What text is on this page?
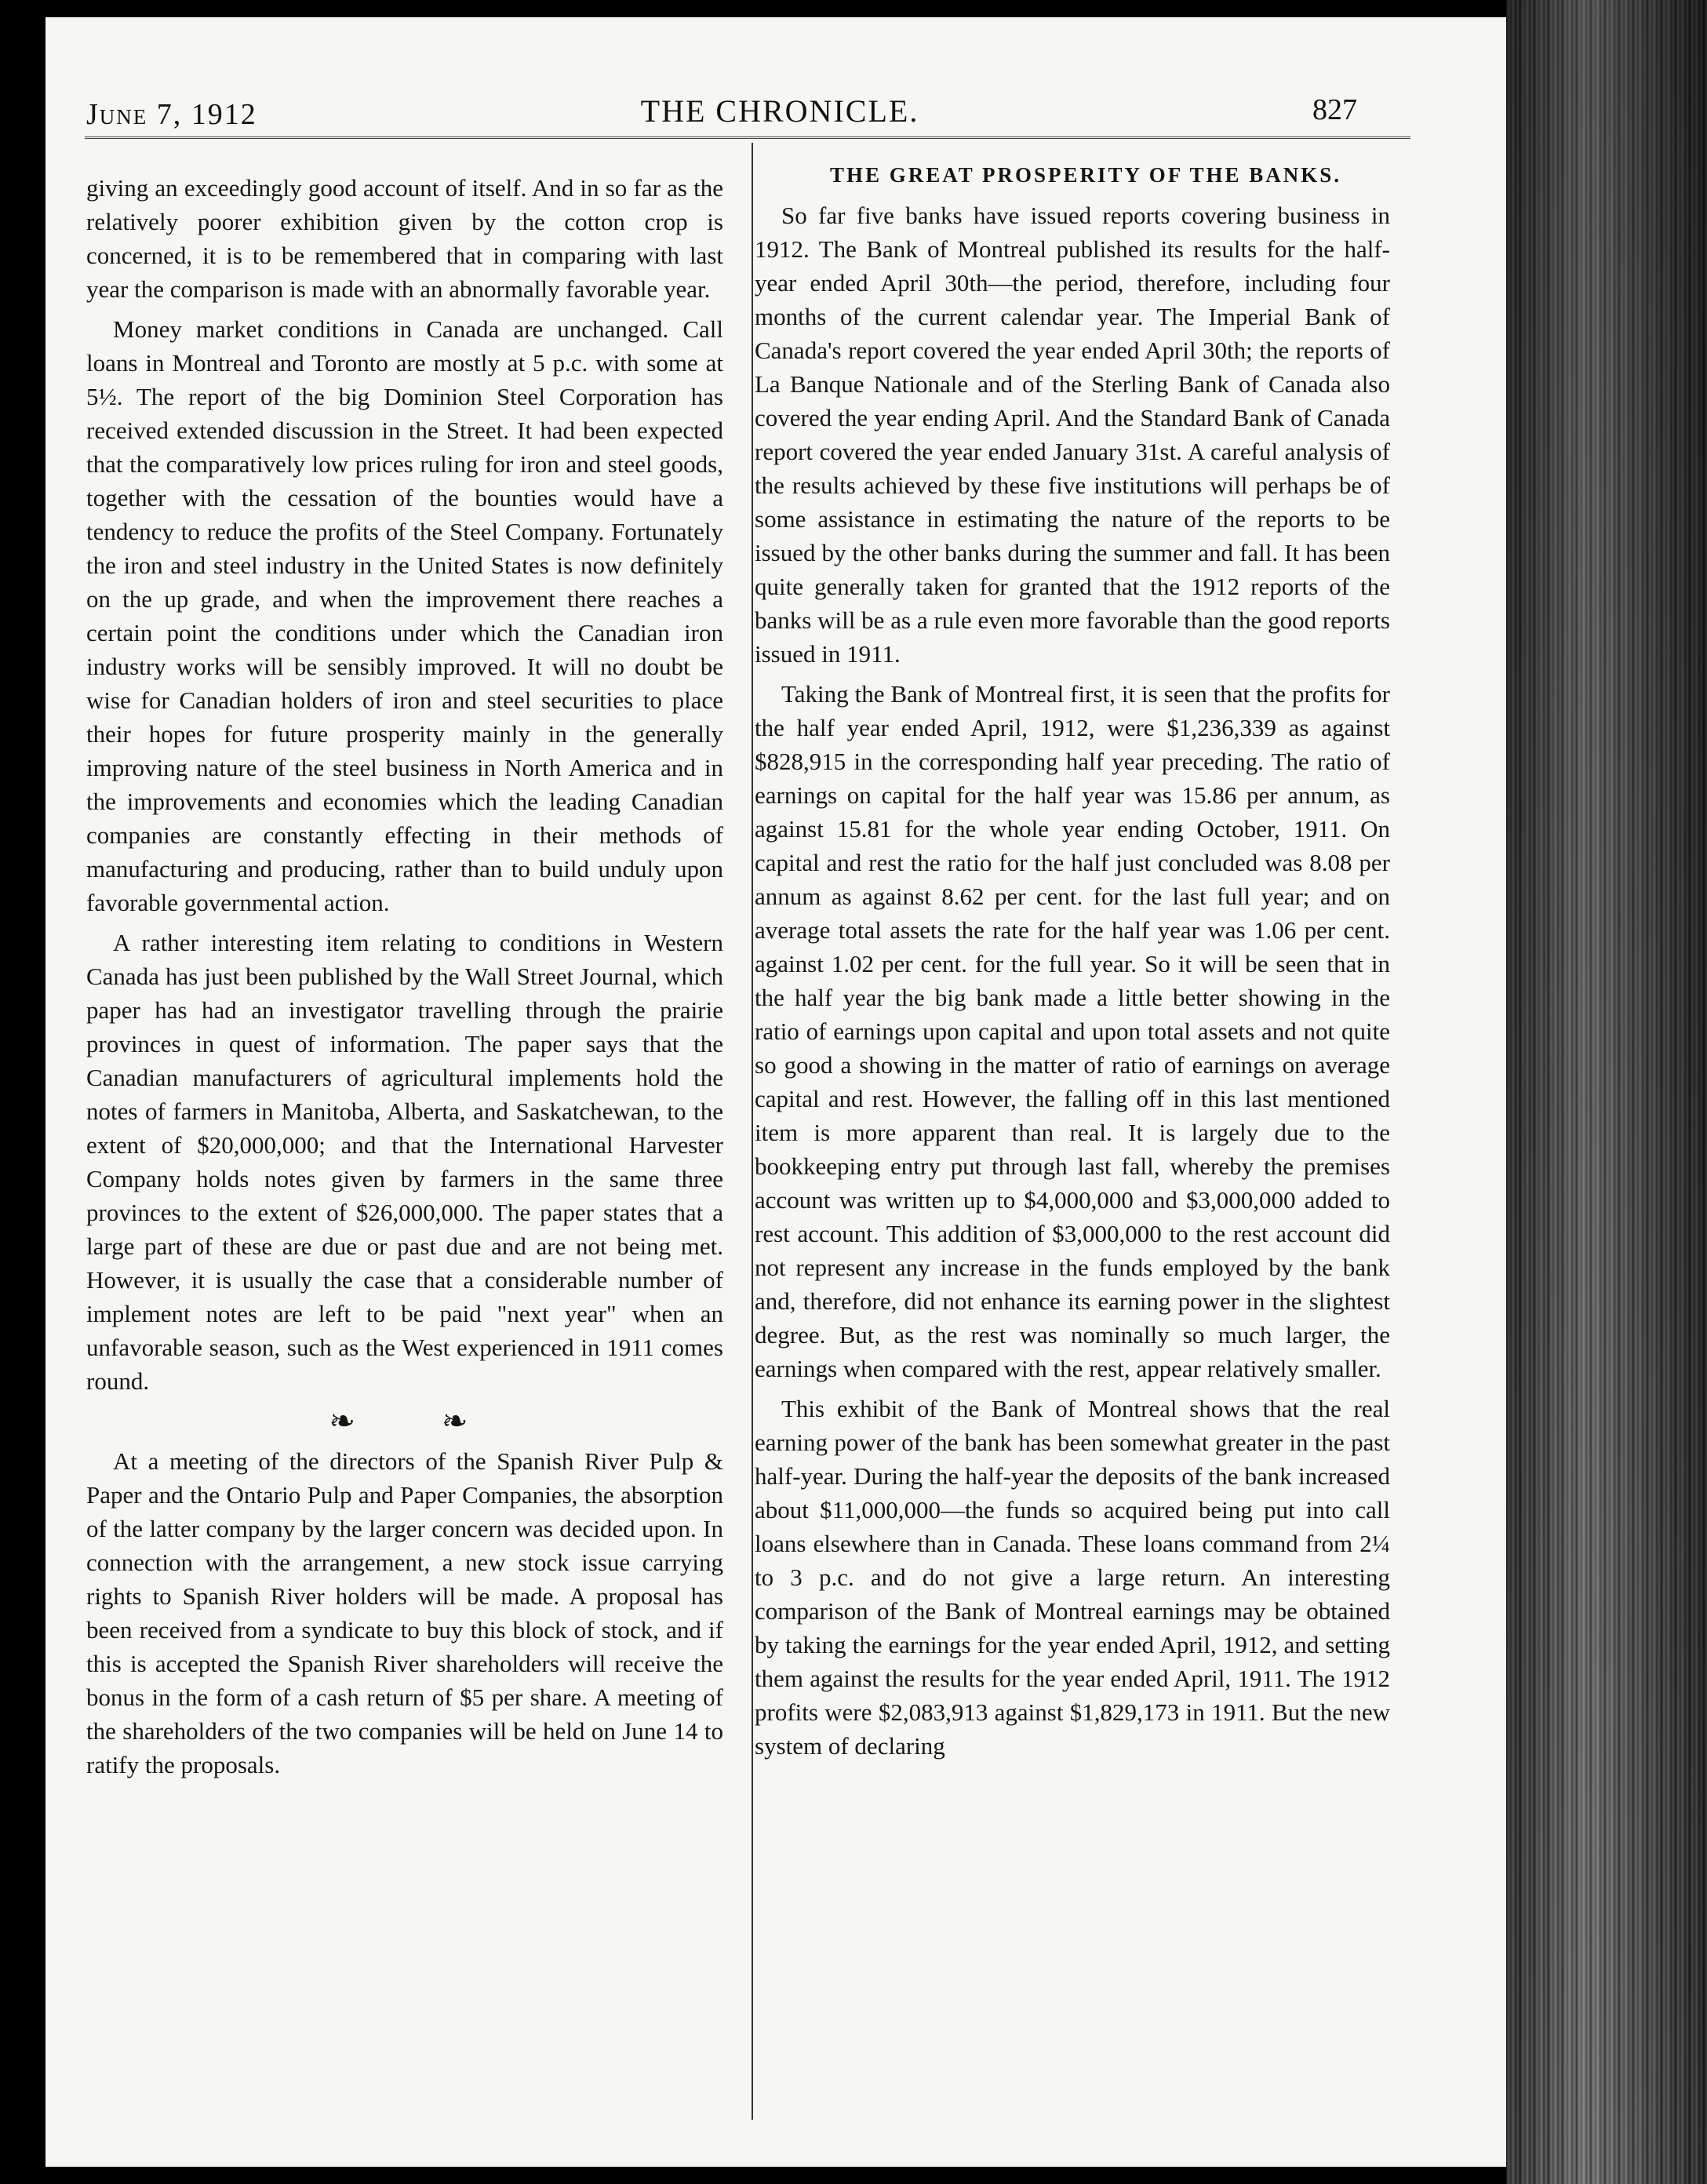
June 7, 1912	THE CHRONICLE.	827

giving an exceedingly good account of itself. And in so far as the relatively poorer exhibition given by the cotton crop is concerned, it is to be remembered that in comparing with last year the comparison is made with an abnormally favorable year.

Money market conditions in Canada are unchanged. Call loans in Montreal and Toronto are mostly at 5 p.c. with some at 5½. The report of the big Dominion Steel Corporation has received extended discussion in the Street. It had been expected that the comparatively low prices ruling for iron and steel goods, together with the cessation of the bounties would have a tendency to reduce the profits of the Steel Company. Fortunately the iron and steel industry in the United States is now definitely on the up grade, and when the improvement there reaches a certain point the conditions under which the Canadian iron industry works will be sensibly improved. It will no doubt be wise for Canadian holders of iron and steel securities to place their hopes for future prosperity mainly in the generally improving nature of the steel business in North America and in the improvements and economies which the leading Canadian companies are constantly effecting in their methods of manufacturing and producing, rather than to build unduly upon favorable governmental action.

A rather interesting item relating to conditions in Western Canada has just been published by the Wall Street Journal, which paper has had an investigator travelling through the prairie provinces in quest of information. The paper says that the Canadian manufacturers of agricultural implements hold the notes of farmers in Manitoba, Alberta, and Saskatchewan, to the extent of $20,000,000; and that the International Harvester Company holds notes given by farmers in the same three provinces to the extent of $26,000,000. The paper states that a large part of these are due or past due and are not being met. However, it is usually the case that a considerable number of implement notes are left to be paid "next year" when an unfavorable season, such as the West experienced in 1911 comes round.

❧ ❧

At a meeting of the directors of the Spanish River Pulp & Paper and the Ontario Pulp and Paper Companies, the absorption of the latter company by the larger concern was decided upon. In connection with the arrangement, a new stock issue carrying rights to Spanish River holders will be made. A proposal has been received from a syndicate to buy this block of stock, and if this is accepted the Spanish River shareholders will receive the bonus in the form of a cash return of $5 per share. A meeting of the shareholders of the two companies will be held on June 14 to ratify the proposals.

THE GREAT PROSPERITY OF THE BANKS.

So far five banks have issued reports covering business in 1912. The Bank of Montreal published its results for the half-year ended April 30th—the period, therefore, including four months of the current calendar year. The Imperial Bank of Canada's report covered the year ended April 30th; the reports of La Banque Nationale and of the Sterling Bank of Canada also covered the year ending April. And the Standard Bank of Canada report covered the year ended January 31st. A careful analysis of the results achieved by these five institutions will perhaps be of some assistance in estimating the nature of the reports to be issued by the other banks during the summer and fall. It has been quite generally taken for granted that the 1912 reports of the banks will be as a rule even more favorable than the good reports issued in 1911.

Taking the Bank of Montreal first, it is seen that the profits for the half year ended April, 1912, were $1,236,339 as against $828,915 in the corresponding half year preceding. The ratio of earnings on capital for the half year was 15.86 per annum, as against 15.81 for the whole year ending October, 1911. On capital and rest the ratio for the half just concluded was 8.08 per annum as against 8.62 per cent. for the last full year; and on average total assets the rate for the half year was 1.06 per cent. against 1.02 per cent. for the full year. So it will be seen that in the half year the big bank made a little better showing in the ratio of earnings upon capital and upon total assets and not quite so good a showing in the matter of ratio of earnings on average capital and rest. However, the falling off in this last mentioned item is more apparent than real. It is largely due to the bookkeeping entry put through last fall, whereby the premises account was written up to $4,000,000 and $3,000,000 added to rest account. This addition of $3,000,000 to the rest account did not represent any increase in the funds employed by the bank and, therefore, did not enhance its earning power in the slightest degree. But, as the rest was nominally so much larger, the earnings when compared with the rest, appear relatively smaller.

This exhibit of the Bank of Montreal shows that the real earning power of the bank has been somewhat greater in the past half-year. During the half-year the deposits of the bank increased about $11,000,000—the funds so acquired being put into call loans elsewhere than in Canada. These loans command from 2¼ to 3 p.c. and do not give a large return. An interesting comparison of the Bank of Montreal earnings may be obtained by taking the earnings for the year ended April, 1912, and setting them against the results for the year ended April, 1911. The 1912 profits were $2,083,913 against $1,829,173 in 1911. But the new system of declaring
